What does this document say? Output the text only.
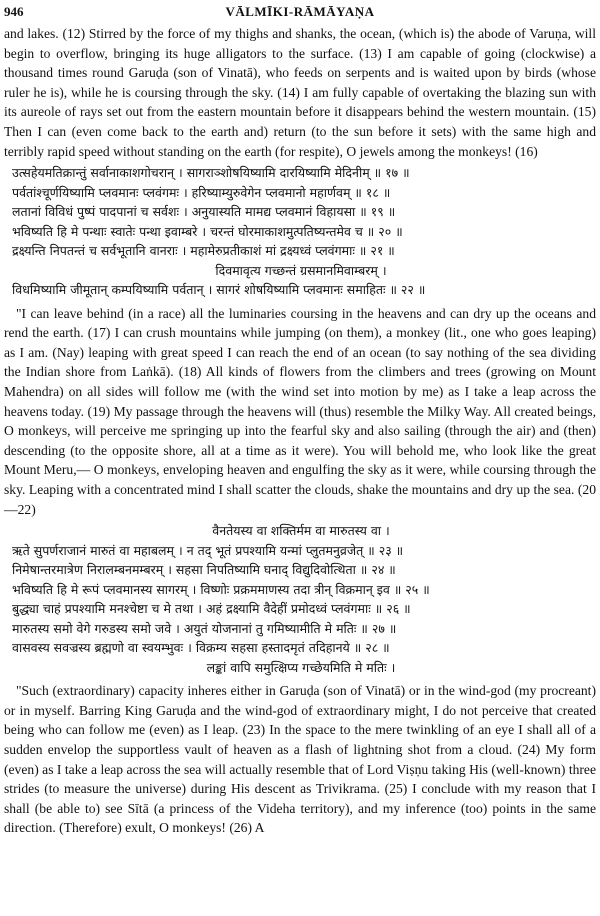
946	VĀLMĪKI-RĀMĀYAṆA

and lakes. (12) Stirred by the force of my thighs and shanks, the ocean, (which is) the abode of Varuṇa, will begin to overflow, bringing its huge alligators to the surface. (13) I am capable of going (clockwise) a thousand times round Garuḍa (son of Vinatā), who feeds on serpents and is waited upon by birds (whose ruler he is), while he is coursing through the sky. (14) I am fully capable of overtaking the blazing sun with its aureole of rays set out from the eastern mountain before it disappears behind the western mountain. (15) Then I can (even come back to the earth and) return (to the sun before it sets) with the same high and terribly rapid speed without standing on the earth (for respite), O jewels among the monkeys! (16)

उत्सहेयमतिक्रान्तुं सर्वानाकाशगोचरान् । सागराञ्शोषयिष्यामि दारयिष्यामि मेदिनीम् ॥ १७ ॥
पर्वतांश्चूर्णयिष्यामि प्लवमानः प्लवंगमः । हरिष्याम्युरुवेगेन प्लवमानो महार्णवम् ॥ १८ ॥
लतानां विविधं पुष्पं पादपानां च सर्वशः । अनुयास्यति मामद्य प्लवमानं विहायसा ॥ १९ ॥
भविष्यति हि मे पन्थाः स्वातेः पन्था इवाम्बरे । चरन्तं घोरमाकाशमुत्पतिष्यन्तमेव च ॥ २० ॥
द्रक्ष्यन्ति निपतन्तं च सर्वभूतानि वानराः । महामेरुप्रतीकाशं मां द्रक्ष्यध्वं प्लवंगमाः ॥ २१ ॥
दिवमावृत्य गच्छन्तं ग्रसमानमिवाम्बरम् ।
विधमिष्यामि जीमूतान् कम्पयिष्यामि पर्वतान् । सागरं शोषयिष्यामि प्लवमानः समाहितः ॥ २२ ॥

"I can leave behind (in a race) all the luminaries coursing in the heavens and can dry up the oceans and rend the earth. (17) I can crush mountains while jumping (on them), a monkey (lit., one who goes leaping) as I am. (Nay) leaping with great speed I can reach the end of an ocean (to say nothing of the sea dividing the Indian shore from Laṅkā). (18) All kinds of flowers from the climbers and trees (growing on Mount Mahendra) on all sides will follow me (with the wind set into motion by me) as I take a leap across the heavens today. (19) My passage through the heavens will (thus) resemble the Milky Way. All created beings, O monkeys, will perceive me springing up into the fearful sky and also sailing (through the air) and (then) descending (to the opposite shore, all at a time as it were). You will behold me, who look like the great Mount Meru,— O monkeys, enveloping heaven and engulfing the sky as it were, while coursing through the sky. Leaping with a concentrated mind I shall scatter the clouds, shake the mountains and dry up the sea. (20—22)

वैनतेयस्य वा शक्तिर्मम वा मारुतस्य वा ।
ऋते सुपर्णराजानं मारुतं वा महाबलम् । न तद् भूतं प्रपश्यामि यन्मां प्लुतमनुव्रजेत् ॥ २३ ॥
निमेषान्तरमात्रेण निरालम्बनमम्बरम् । सहसा निपतिष्यामि घनाद् विद्युदिवोत्थिता ॥ २४ ॥
भविष्यति हि मे रूपं प्लवमानस्य सागरम् । विष्णोः प्रक्रममाणस्य तदा त्रीन् विक्रमान् इव ॥ २५ ॥
बुद्ध्या चाहं प्रपश्यामि मनश्चेष्टा च मे तथा । अहं द्रक्ष्यामि वैदेहीं प्रमोदध्वं प्लवंगमाः ॥ २६ ॥
मारुतस्य समो वेगे गरुडस्य समो जवे । अयुतं योजनानां तु गमिष्यामीति मे मतिः ॥ २७ ॥
वासवस्य सवज्रस्य ब्रह्मणो वा स्वयम्भुवः । विक्रम्य सहसा हस्तादमृतं तदिहानये ॥ २८ ॥
लङ्कां वापि समुत्क्षिप्य गच्छेयमिति मे मतिः ।

"Such (extraordinary) capacity inheres either in Garuḍa (son of Vinatā) or in the wind-god (my procreant) or in myself. Barring King Garuḍa and the wind-god of extraordinary might, I do not perceive that created being who can follow me (even) as I leap. (23) In the space to the mere twinkling of an eye I shall all of a sudden envelop the supportless vault of heaven as a flash of lightning shot from a cloud. (24) My form (even) as I take a leap across the sea will actually resemble that of Lord Viṣṇu taking His (well-known) three strides (to measure the universe) during His descent as Trivikrama. (25) I conclude with my reason that I shall (be able to) see Sītā (a princess of the Videha territory), and my inference (too) points in the same direction. (Therefore) exult, O monkeys! (26) A
